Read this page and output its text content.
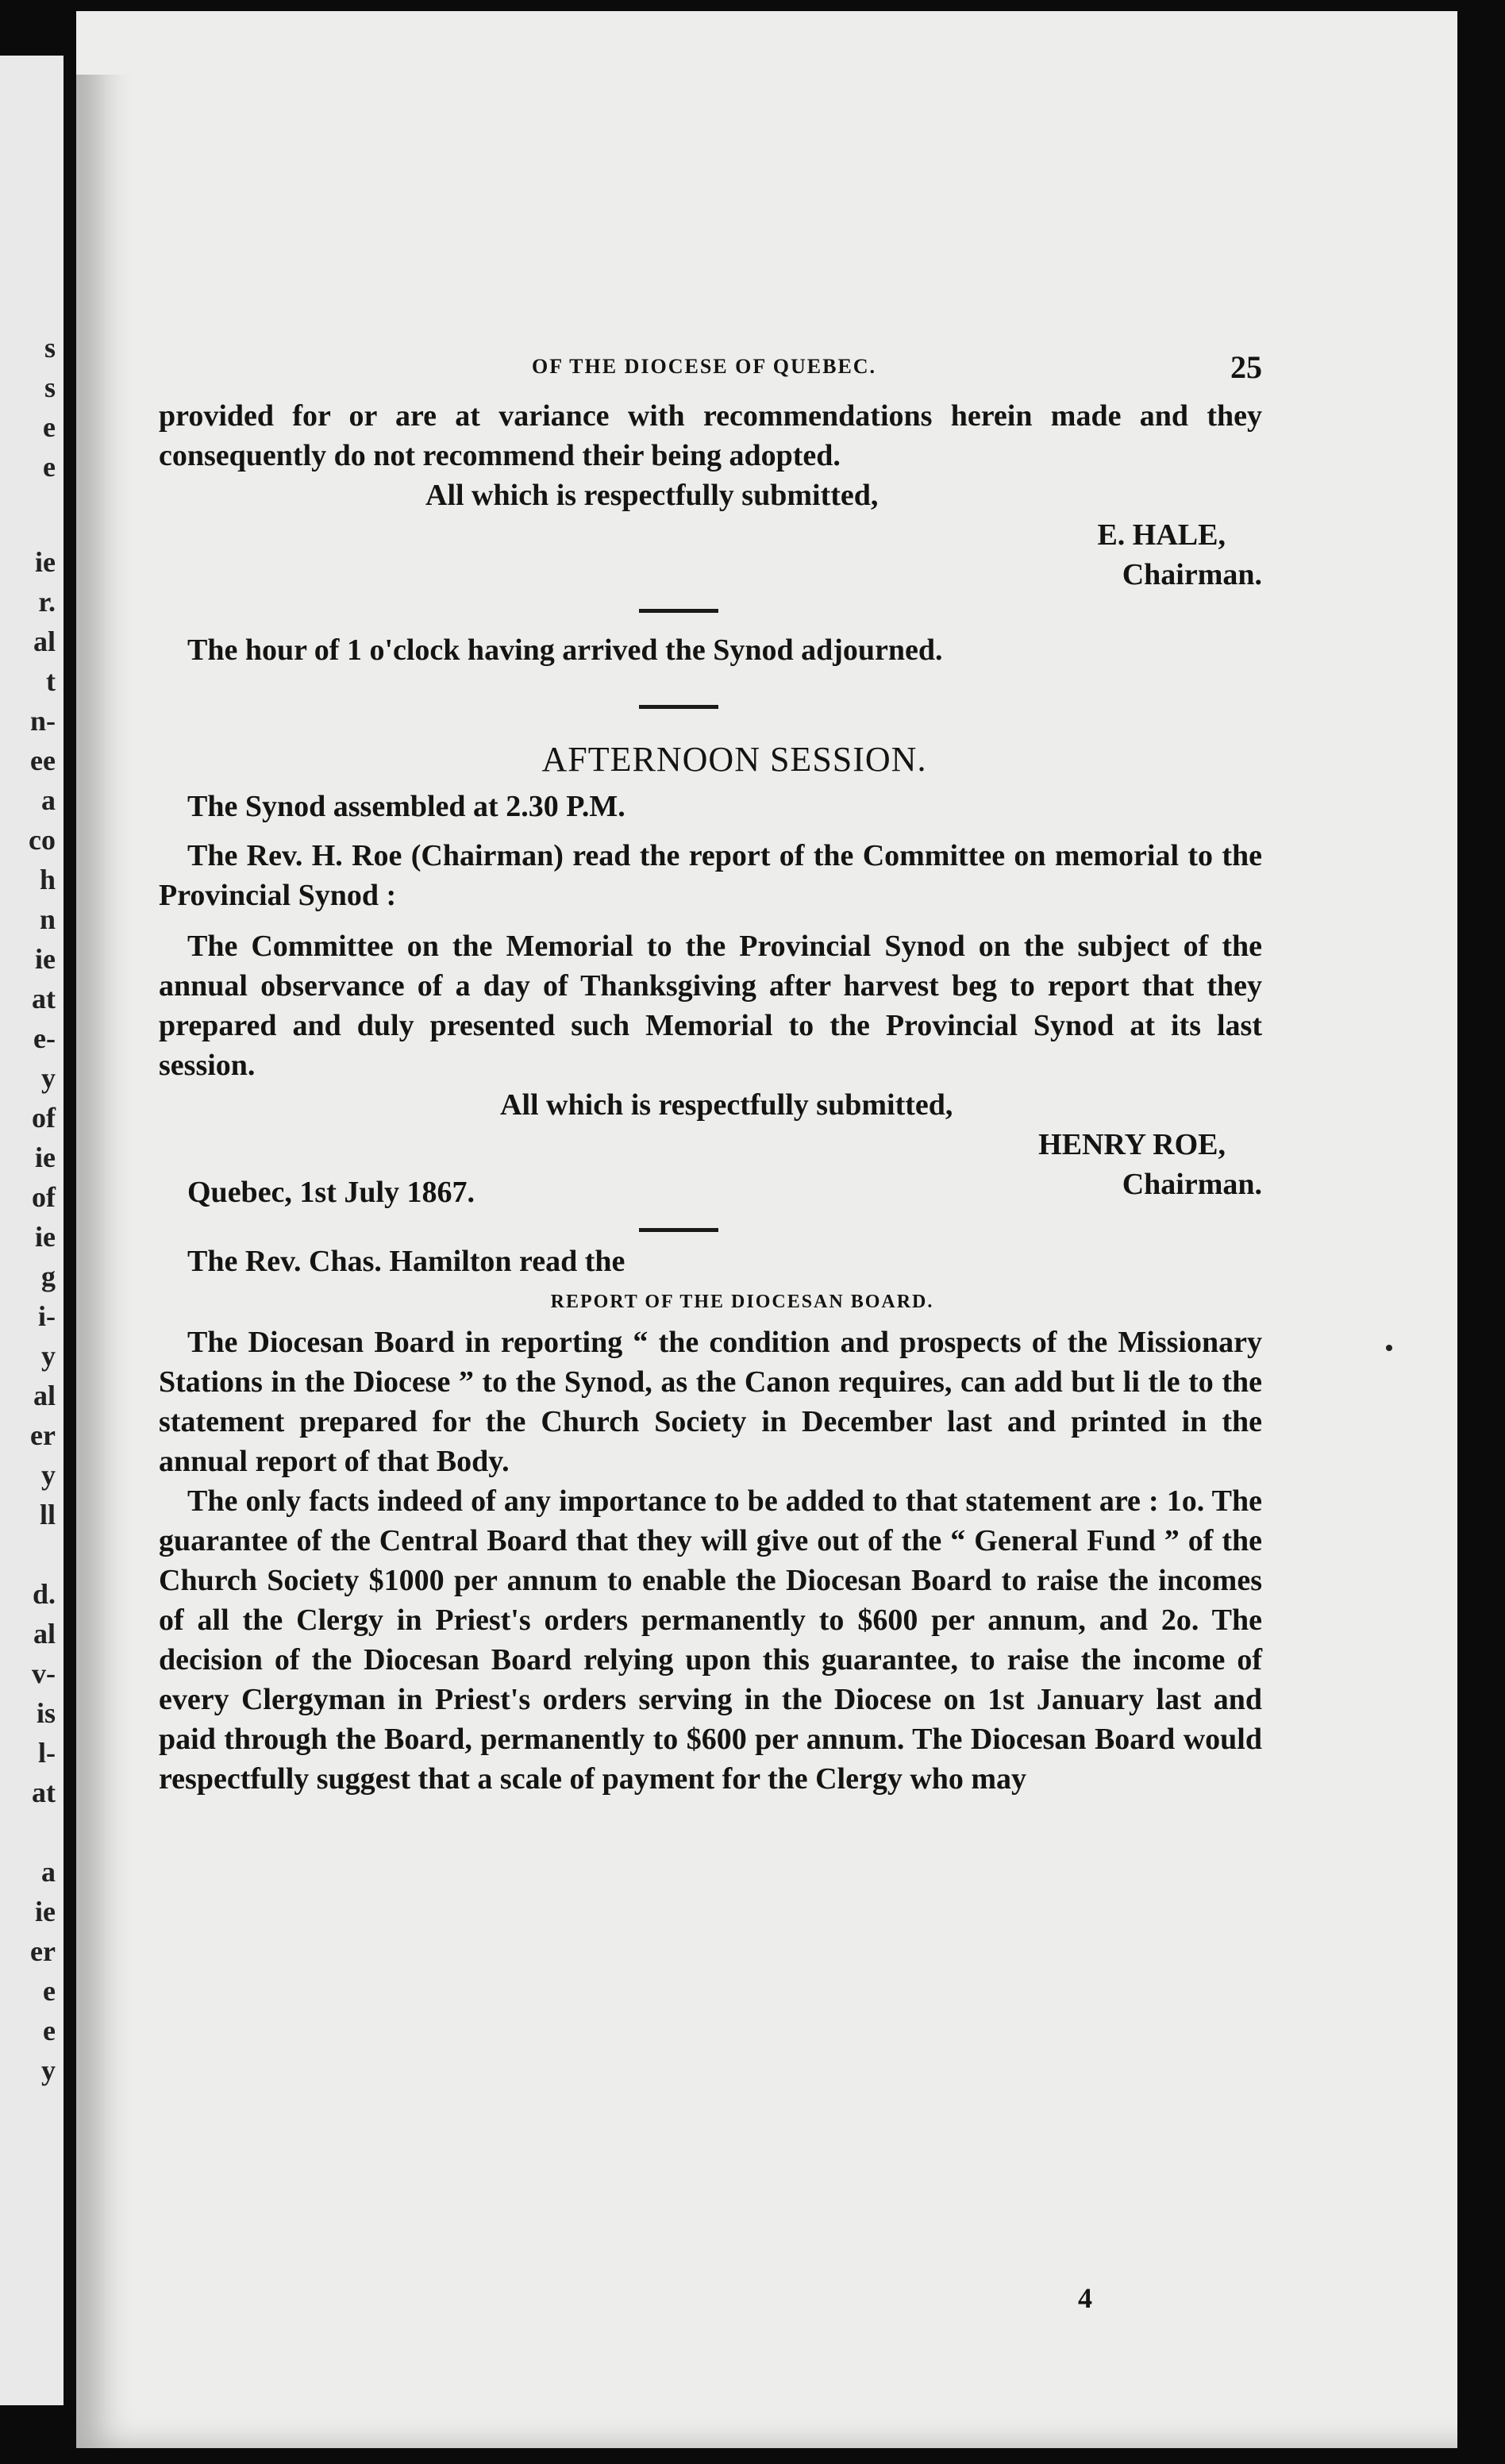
s
s
e
e
ie
r.
al
t
n-
ee
a
co
h
n
ie
at
e-
y
of
ie
of
ie
g
i-
y
al
er
y
ll
d.
al
v-
is
l-
at
a
ie
er
e
e
y
OF THE DIOCESE OF QUEBEC.	25

provided for or are at variance with recommendations herein made and they consequently do not recommend their being adopted.

All which is respectfully submitted,
E. HALE,
Chairman.

The hour of 1 o'clock having arrived the Synod adjourned.

AFTERNOON SESSION.

The Synod assembled at 2.30 P.M.

The Rev. H. Roe (Chairman) read the report of the Committee on memorial to the Provincial Synod :

The Committee on the Memorial to the Provincial Synod on the subject of the annual observance of a day of Thanksgiving after harvest beg to report that they prepared and duly presented such Memorial to the Provincial Synod at its last session.

All which is respectfully submitted,
HENRY ROE,
Chairman.
Quebec, 1st July 1867.

The Rev. Chas. Hamilton read the

REPORT OF THE DIOCESAN BOARD.

The Diocesan Board in reporting “ the condition and prospects of the Missionary Stations in the Diocese ” to the Synod, as the Canon requires, can add but li tle to the statement prepared for the Church Society in December last and printed in the annual report of that Body.

The only facts indeed of any importance to be added to that statement are : 1o. The guarantee of the Central Board that they will give out of the “ General Fund ” of the Church Society $1000 per annum to enable the Diocesan Board to raise the incomes of all the Clergy in Priest's orders permanently to $600 per annum, and 2o. The decision of the Diocesan Board relying upon this guarantee, to raise the income of every Clergyman in Priest's orders serving in the Diocese on 1st January last and paid through the Board, permanently to $600 per annum. The Diocesan Board would respectfully suggest that a scale of payment for the Clergy who may

4
